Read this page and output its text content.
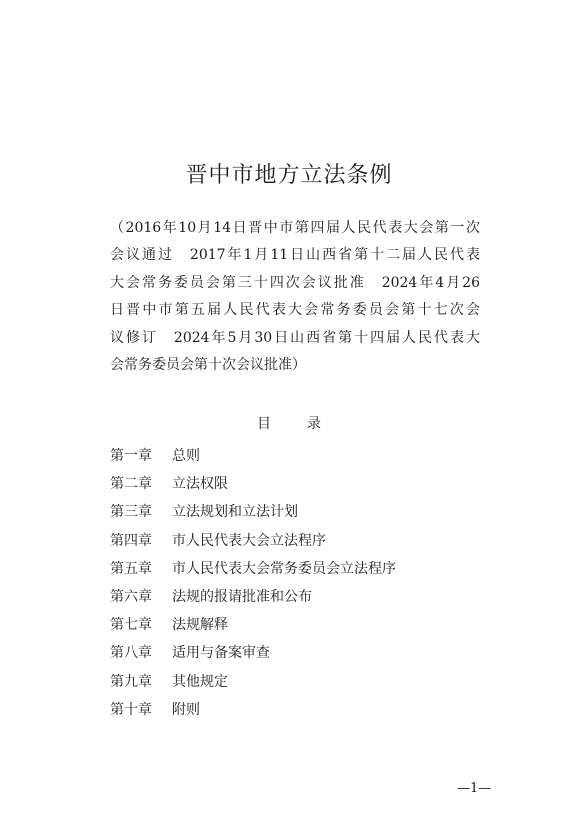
晋中市地方立法条例
（2016年10月14日晋中市第四届人民代表大会第一次
会议通过　2017年1月11日山西省第十二届人民代表
大会常务委员会第三十四次会议批准　2024年4月26
日晋中市第五届人民代表大会常务委员会第十七次会
议修订　2024年5月30日山西省第十四届人民代表大
会常务委员会第十次会议批准）
目	录
第一章	总则
第二章	立法权限
第三章	立法规划和立法计划
第四章	市人民代表大会立法程序
第五章	市人民代表大会常务委员会立法程序
第六章	法规的报请批准和公布
第七章	法规解释
第八章	适用与备案审查
第九章	其他规定
第十章	附则
—1—
